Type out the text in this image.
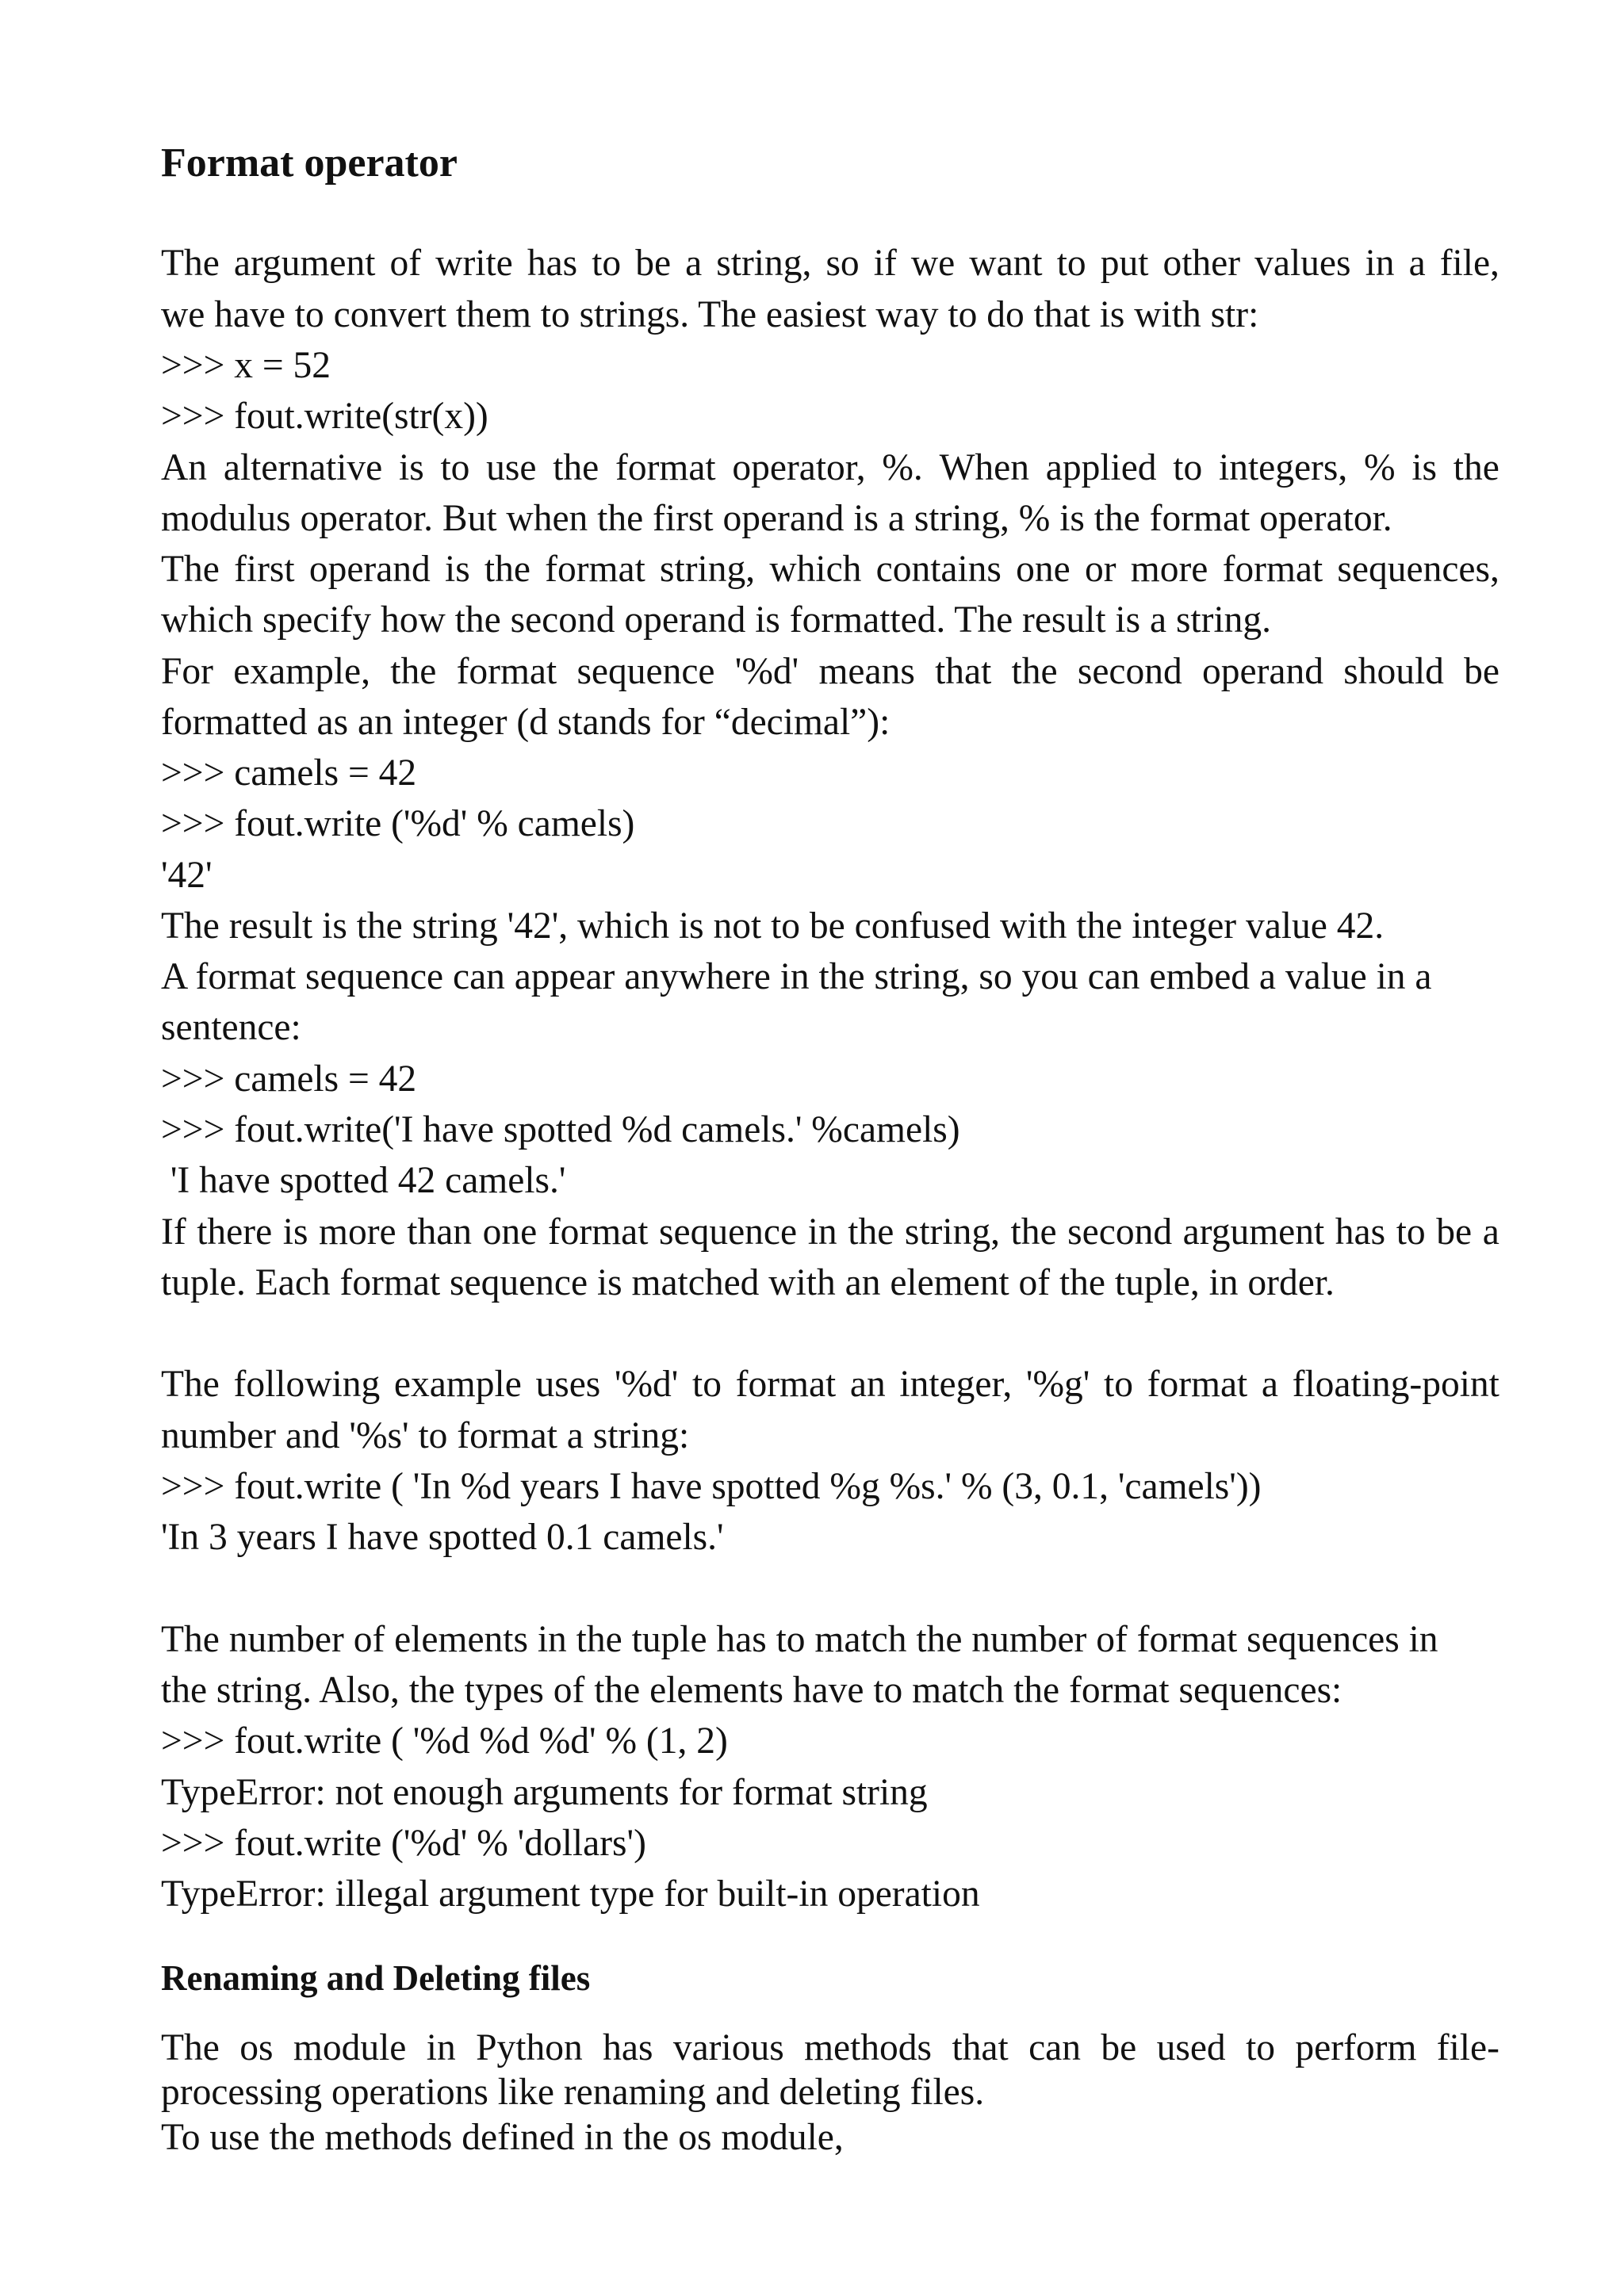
Format operator
The argument of write has to be a string, so if we want to put other values in a file,
we have to convert them to strings. The easiest way to do that is with str:
>>> x = 52
>>> fout.write(str(x))
An alternative is to use the format operator, %. When applied to integers, % is the
modulus operator. But when the first operand is a string, % is the format operator.
The first operand is the format string, which contains one or more format sequences,
which specify how the second operand is formatted. The result is a string.
For example, the format sequence '%d' means that the second operand should be
formatted as an integer (d stands for “decimal”):
>>> camels = 42
>>> fout.write ('%d' % camels)
'42'
The result is the string '42', which is not to be confused with the integer value 42.
A format sequence can appear anywhere in the string, so you can embed a value in a
sentence:
>>> camels = 42
>>> fout.write('I have spotted %d camels.' %camels)
'I have spotted 42 camels.'
If there is more than one format sequence in the string, the second argument has to be a
tuple. Each format sequence is matched with an element of the tuple, in order.
The following example uses '%d' to format an integer, '%g' to format a floating-point
number and '%s' to format a string:
>>> fout.write ( 'In %d years I have spotted %g %s.' % (3, 0.1, 'camels'))
'In 3 years I have spotted 0.1 camels.'
The number of elements in the tuple has to match the number of format sequences in
the string. Also, the types of the elements have to match the format sequences:
>>> fout.write ( '%d %d %d' % (1, 2)
TypeError: not enough arguments for format string
>>> fout.write ('%d' % 'dollars')
TypeError: illegal argument type for built-in operation
Renaming and Deleting files
The os module in Python has various methods that can be used to perform file-
processing operations like renaming and deleting files.
To use the methods defined in the os module,
